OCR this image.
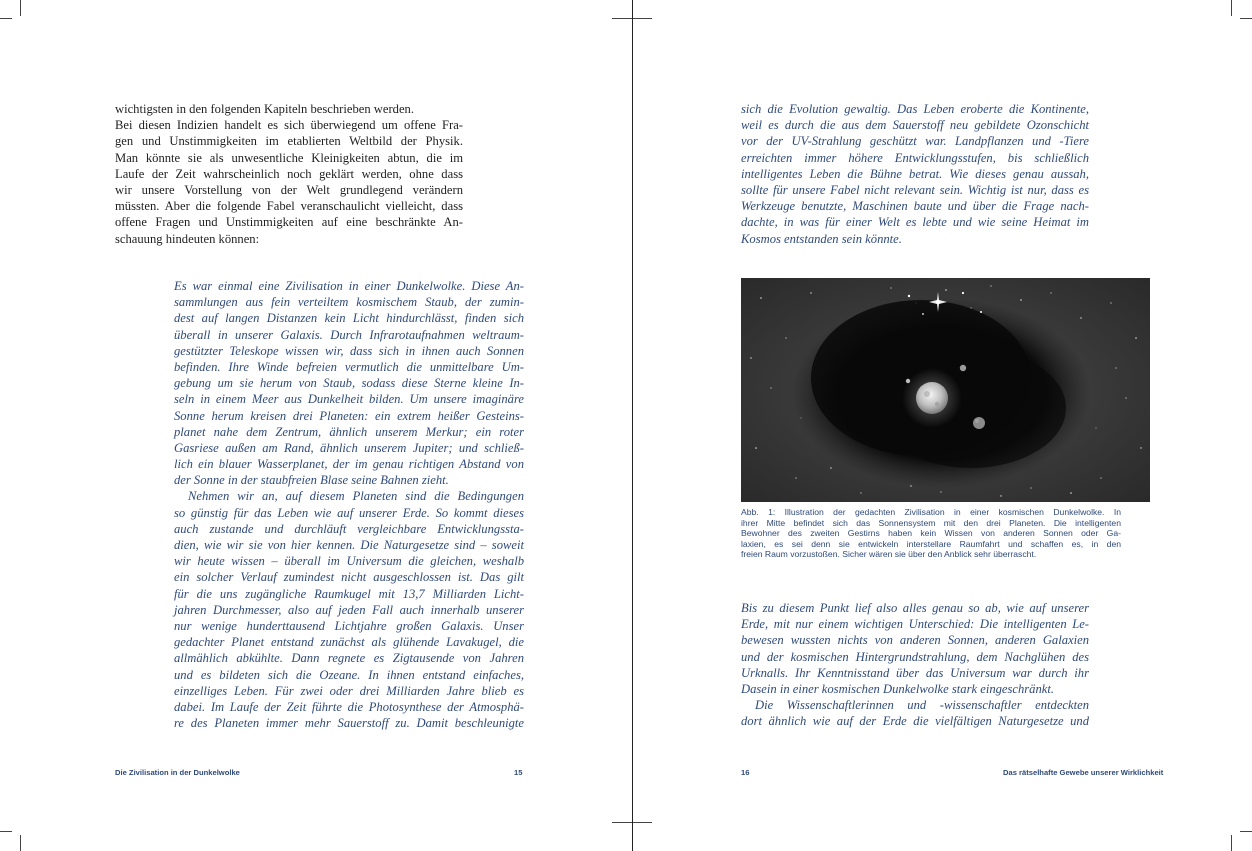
wichtigsten in den folgenden Kapiteln beschrieben werden.
Bei diesen Indizien handelt es sich überwiegend um offene Fra-
gen und Unstimmigkeiten im etablierten Weltbild der Physik.
Man könnte sie als unwesentliche Kleinigkeiten abtun, die im
Laufe der Zeit wahrscheinlich noch geklärt werden, ohne dass
wir unsere Vorstellung von der Welt grundlegend verändern
müssten. Aber die folgende Fabel veranschaulicht vielleicht, dass
offene Fragen und Unstimmigkeiten auf eine beschränkte An-
schauung hindeuten können:
Es war einmal eine Zivilisation in einer Dunkelwolke. Diese An-
sammlungen aus fein verteiltem kosmischem Staub, der zumin-
dest auf langen Distanzen kein Licht hindurchlässt, finden sich
überall in unserer Galaxis. Durch Infrarotaufnahmen weltraum-
gestützter Teleskope wissen wir, dass sich in ihnen auch Sonnen
befinden. Ihre Winde befreien vermutlich die unmittelbare Um-
gebung um sie herum von Staub, sodass diese Sterne kleine In-
seln in einem Meer aus Dunkelheit bilden. Um unsere imaginäre
Sonne herum kreisen drei Planeten: ein extrem heißer Gesteins-
planet nahe dem Zentrum, ähnlich unserem Merkur; ein roter
Gasriese außen am Rand, ähnlich unserem Jupiter; und schließ-
lich ein blauer Wasserplanet, der im genau richtigen Abstand von
der Sonne in der staubfreien Blase seine Bahnen zieht.
Nehmen wir an, auf diesem Planeten sind die Bedingungen
so günstig für das Leben wie auf unserer Erde. So kommt dieses
auch zustande und durchläuft vergleichbare Entwicklungssta-
dien, wie wir sie von hier kennen. Die Naturgesetze sind – soweit
wir heute wissen – überall im Universum die gleichen, weshalb
ein solcher Verlauf zumindest nicht ausgeschlossen ist. Das gilt
für die uns zugängliche Raumkugel mit 13,7 Milliarden Licht-
jahren Durchmesser, also auf jeden Fall auch innerhalb unserer
nur wenige hunderttausend Lichtjahre großen Galaxis. Unser
gedachter Planet entstand zunächst als glühende Lavakugel, die
allmählich abkühlte. Dann regnete es Zigtausende von Jahren
und es bildeten sich die Ozeane. In ihnen entstand einfaches,
einzelliges Leben. Für zwei oder drei Milliarden Jahre blieb es
dabei. Im Laufe der Zeit führte die Photosynthese der Atmosphä-
re des Planeten immer mehr Sauerstoff zu. Damit beschleunigte
Die Zivilisation in der Dunkelwolke	15
sich die Evolution gewaltig. Das Leben eroberte die Kontinente,
weil es durch die aus dem Sauerstoff neu gebildete Ozonschicht
vor der UV-Strahlung geschützt war. Landpflanzen und -Tiere
erreichten immer höhere Entwicklungsstufen, bis schließlich
intelligentes Leben die Bühne betrat. Wie dieses genau aussah,
sollte für unsere Fabel nicht relevant sein. Wichtig ist nur, dass es
Werkzeuge benutzte, Maschinen baute und über die Frage nach-
dachte, in was für einer Welt es lebte und wie seine Heimat im
Kosmos entstanden sein könnte.
Abb. 1: Illustration der gedachten Zivilisation in einer kosmischen Dunkelwolke. In
ihrer Mitte befindet sich das Sonnensystem mit den drei Planeten. Die intelligenten
Bewohner des zweiten Gestirns haben kein Wissen von anderen Sonnen oder Ga-
laxien, es sei denn sie entwickeln interstellare Raumfahrt und schaffen es, in den
freien Raum vorzustoßen. Sicher wären sie über den Anblick sehr überrascht.
Bis zu diesem Punkt lief also alles genau so ab, wie auf unserer
Erde, mit nur einem wichtigen Unterschied: Die intelligenten Le-
bewesen wussten nichts von anderen Sonnen, anderen Galaxien
und der kosmischen Hintergrundstrahlung, dem Nachglühen des
Urknalls. Ihr Kenntnisstand über das Universum war durch ihr
Dasein in einer kosmischen Dunkelwolke stark eingeschränkt.
Die Wissenschaftlerinnen und -wissenschaftler entdeckten
dort ähnlich wie auf der Erde die vielfältigen Naturgesetze und
16	Das rätselhafte Gewebe unserer Wirklichkeit
